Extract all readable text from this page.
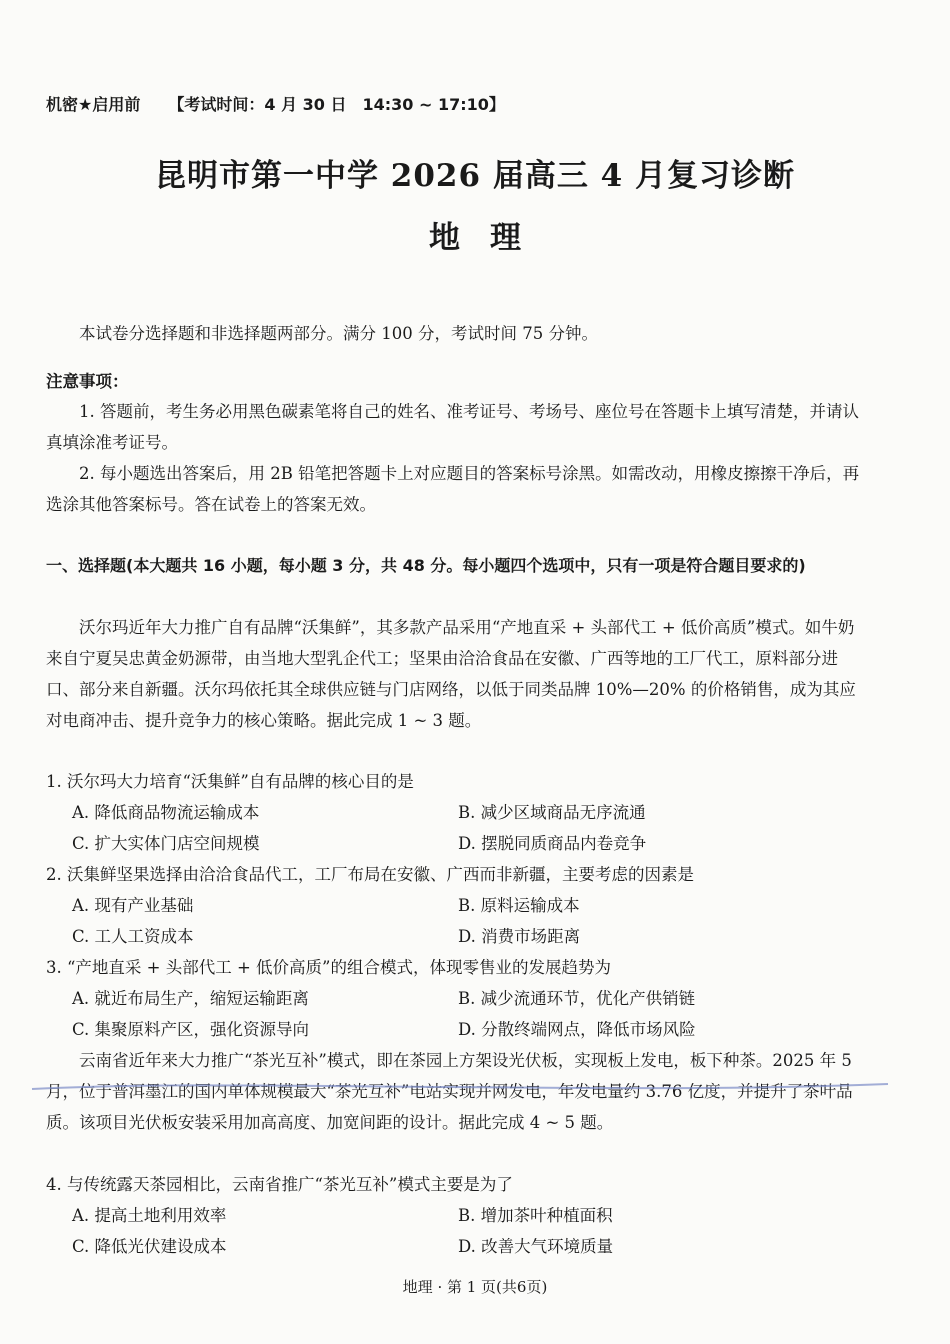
机密★启用前 【考试时间：4 月 30 日　14:30 ~ 17:10】
昆明市第一中学 2026 届高三 4 月复习诊断
地理
本试卷分选择题和非选择题两部分。满分 100 分，考试时间 75 分钟。
注意事项：
1. 答题前，考生务必用黑色碳素笔将自己的姓名、准考证号、考场号、座位号在答题卡上填写清楚，并请认真填涂准考证号。
2. 每小题选出答案后，用 2B 铅笔把答题卡上对应题目的答案标号涂黑。如需改动，用橡皮擦擦干净后，再选涂其他答案标号。答在试卷上的答案无效。
一、选择题(本大题共 16 小题，每小题 3 分，共 48 分。每小题四个选项中，只有一项是符合题目要求的)
沃尔玛近年大力推广自有品牌“沃集鲜”，其多款产品采用“产地直采 + 头部代工 + 低价高质”模式。如牛奶来自宁夏吴忠黄金奶源带，由当地大型乳企代工；坚果由洽洽食品在安徽、广西等地的工厂代工，原料部分进口、部分来自新疆。沃尔玛依托其全球供应链与门店网络，以低于同类品牌 10%—20% 的价格销售，成为其应对电商冲击、提升竞争力的核心策略。据此完成 1 ~ 3 题。
1. 沃尔玛大力培育“沃集鲜”自有品牌的核心目的是
A. 降低商品物流运输成本	B. 减少区域商品无序流通
C. 扩大实体门店空间规模	D. 摆脱同质商品内卷竞争
2. 沃集鲜坚果选择由洽洽食品代工，工厂布局在安徽、广西而非新疆，主要考虑的因素是
A. 现有产业基础	B. 原料运输成本
C. 工人工资成本	D. 消费市场距离
3. “产地直采 + 头部代工 + 低价高质”的组合模式，体现零售业的发展趋势为
A. 就近布局生产，缩短运输距离	B. 减少流通环节，优化产供销链
C. 集聚原料产区，强化资源导向	D. 分散终端网点，降低市场风险
云南省近年来大力推广“茶光互补”模式，即在茶园上方架设光伏板，实现板上发电，板下种茶。2025 年 5 月，位于普洱墨江的国内单体规模最大“茶光互补”电站实现并网发电，年发电量约 3.76 亿度，并提升了茶叶品质。该项目光伏板安装采用加高高度、加宽间距的设计。据此完成 4 ~ 5 题。
4. 与传统露天茶园相比，云南省推广“茶光互补”模式主要是为了
A. 提高土地利用效率	B. 增加茶叶种植面积
C. 降低光伏建设成本	D. 改善大气环境质量
地理 · 第 1 页(共6页)
